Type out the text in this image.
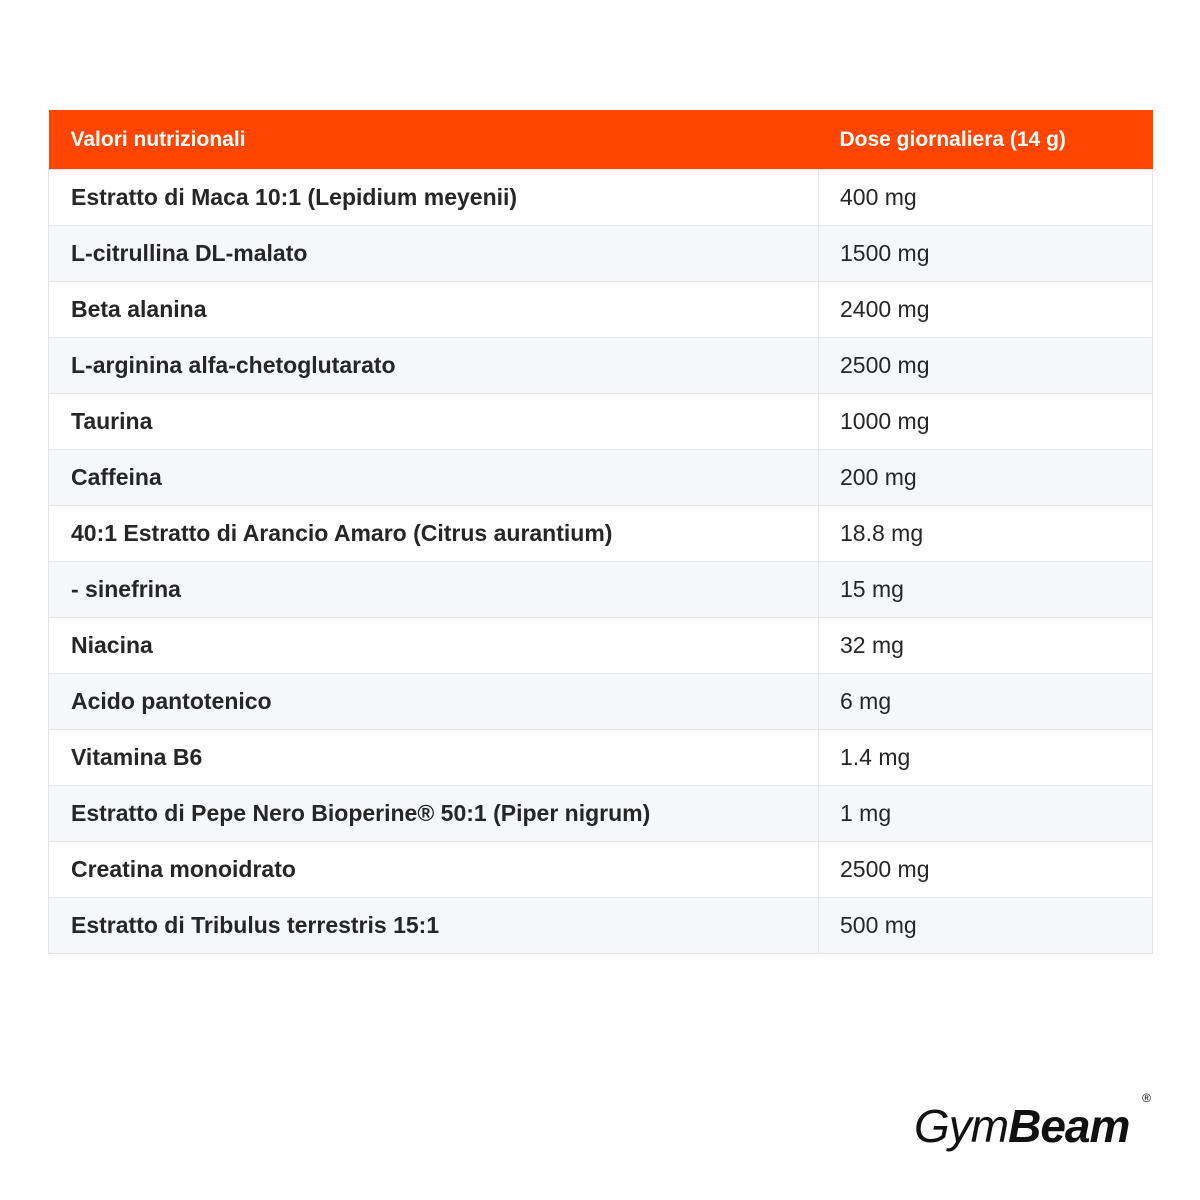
Valori nutrizionali	Dose giornaliera (14 g)
Estratto di Maca 10:1 (Lepidium meyenii)	400 mg
L-citrullina DL-malato	1500 mg
Beta alanina	2400 mg
L-arginina alfa-chetoglutarato	2500 mg
Taurina	1000 mg
Caffeina	200 mg
40:1 Estratto di Arancio Amaro (Citrus aurantium)	18.8 mg
- sinefrina	15 mg
Niacina	32 mg
Acido pantotenico	6 mg
Vitamina B6	1.4 mg
Estratto di Pepe Nero Bioperine® 50:1 (Piper nigrum)	1 mg
Creatina monoidrato	2500 mg
Estratto di Tribulus terrestris 15:1	500 mg
GymBeam
®
